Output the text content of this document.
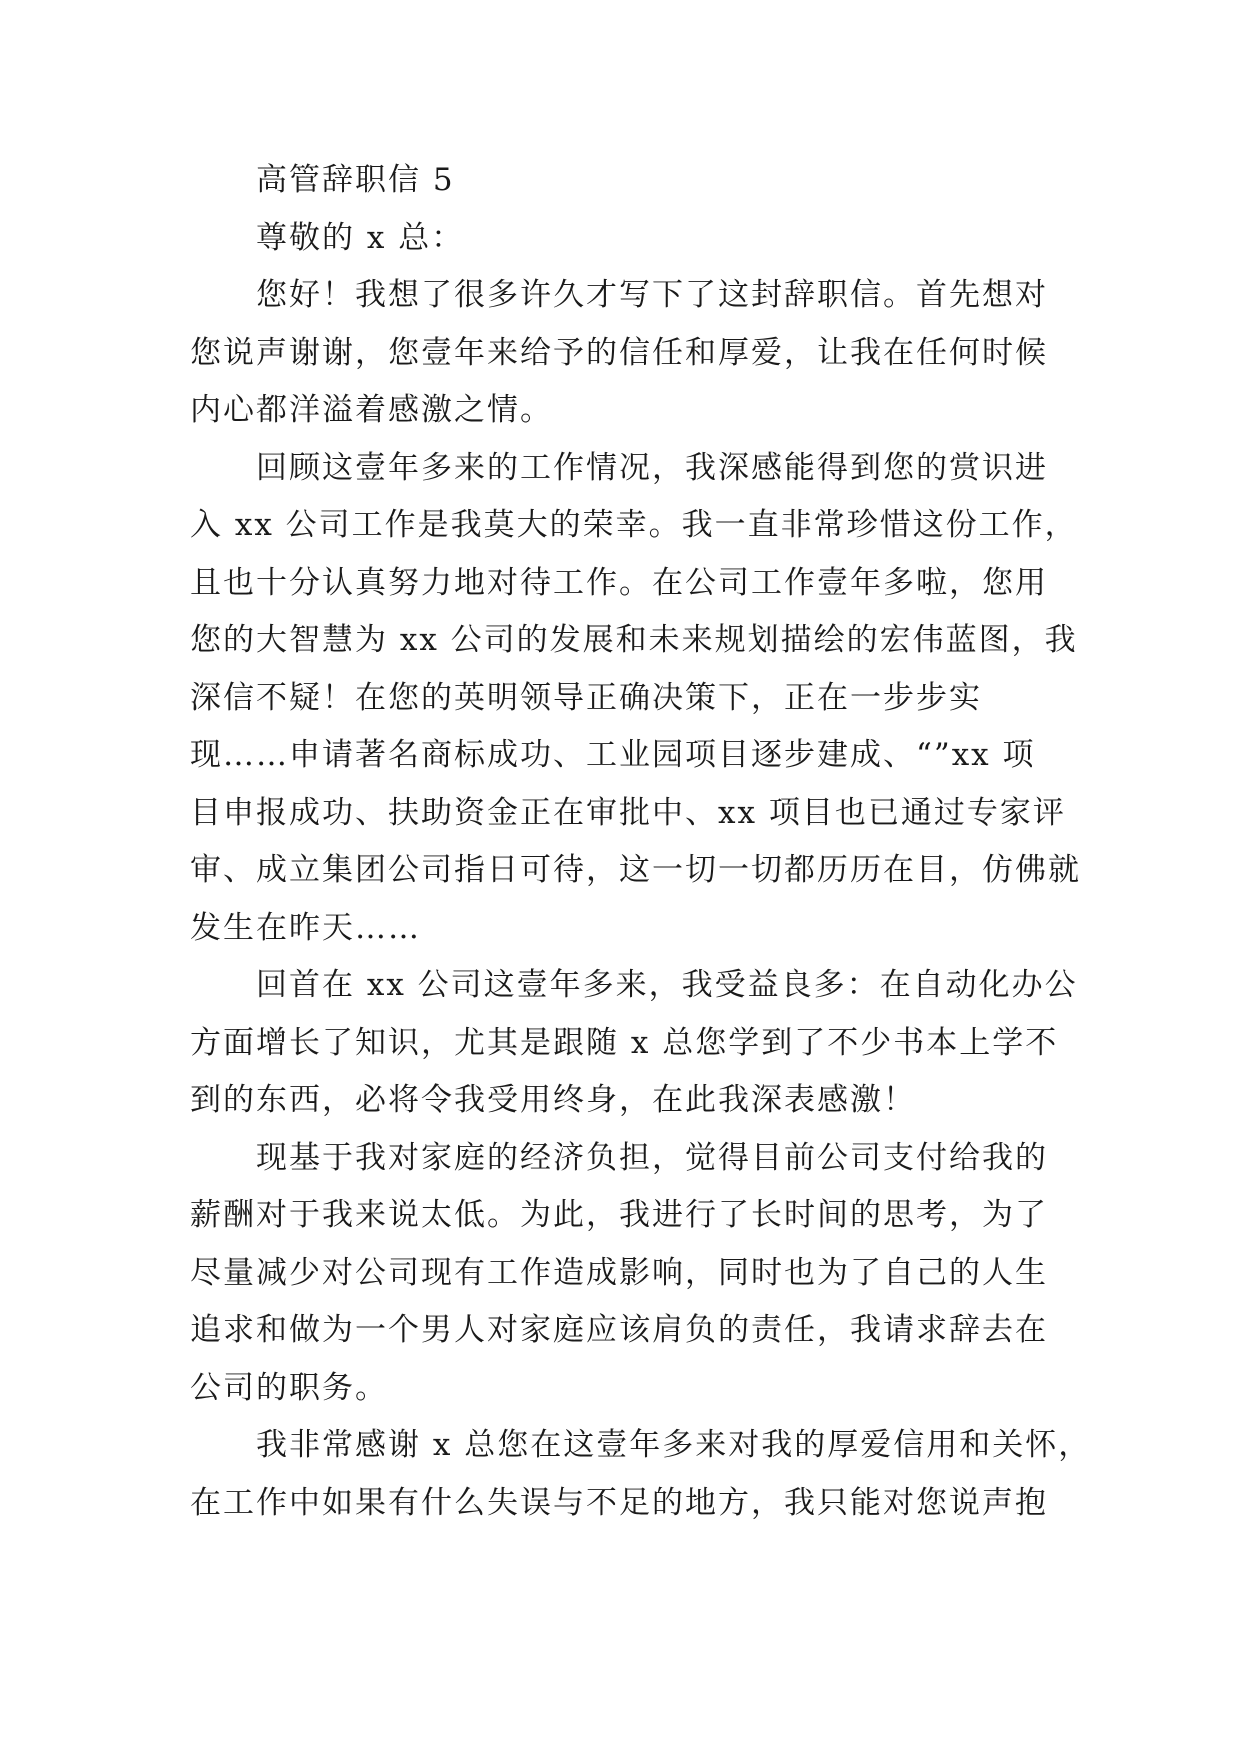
高管辞职信 5

尊敬的 x 总：

您好！我想了很多许久才写下了这封辞职信。首先想对

您说声谢谢，您壹年来给予的信任和厚爱，让我在任何时候

内心都洋溢着感激之情。

回顾这壹年多来的工作情况，我深感能得到您的赏识进

入 xx 公司工作是我莫大的荣幸。我一直非常珍惜这份工作，

且也十分认真努力地对待工作。在公司工作壹年多啦，您用

您的大智慧为 xx 公司的发展和未来规划描绘的宏伟蓝图，我

深信不疑！在您的英明领导正确决策下，正在一步步实

现……申请著名商标成功、工业园项目逐步建成、“”xx 项

目申报成功、扶助资金正在审批中、xx 项目也已通过专家评

审、成立集团公司指日可待，这一切一切都历历在目，仿佛就

发生在昨天……

回首在 xx 公司这壹年多来，我受益良多：在自动化办公

方面增长了知识，尤其是跟随 x 总您学到了不少书本上学不

到的东西，必将令我受用终身，在此我深表感激！

现基于我对家庭的经济负担，觉得目前公司支付给我的

薪酬对于我来说太低。为此，我进行了长时间的思考，为了

尽量减少对公司现有工作造成影响，同时也为了自己的人生

追求和做为一个男人对家庭应该肩负的责任，我请求辞去在

公司的职务。

我非常感谢 x 总您在这壹年多来对我的厚爱信用和关怀，

在工作中如果有什么失误与不足的地方，我只能对您说声抱
